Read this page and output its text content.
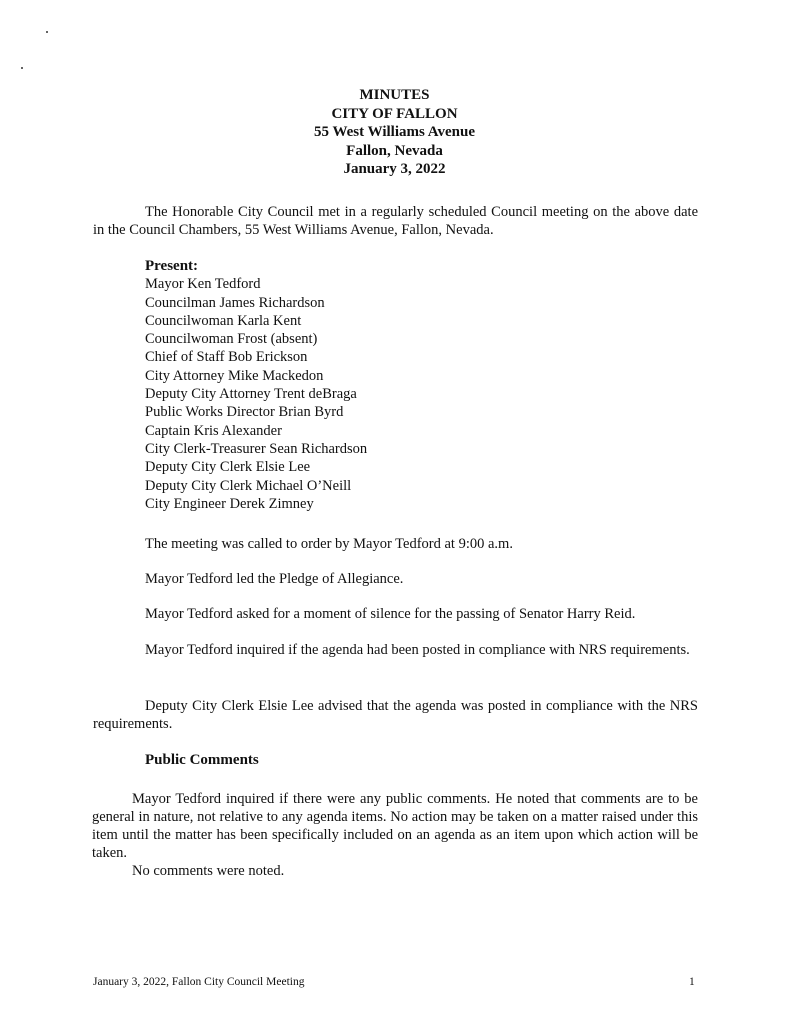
MINUTES
CITY OF FALLON
55 West Williams Avenue
Fallon, Nevada
January 3, 2022
The Honorable City Council met in a regularly scheduled Council meeting on the above date in the Council Chambers, 55 West Williams Avenue, Fallon, Nevada.
Present:
Mayor Ken Tedford
Councilman James Richardson
Councilwoman Karla Kent
Councilwoman Frost (absent)
Chief of Staff Bob Erickson
City Attorney Mike Mackedon
Deputy City Attorney Trent deBraga
Public Works Director Brian Byrd
Captain Kris Alexander
City Clerk-Treasurer Sean Richardson
Deputy City Clerk Elsie Lee
Deputy City Clerk Michael O’Neill
City Engineer Derek Zimney
The meeting was called to order by Mayor Tedford at 9:00 a.m.
Mayor Tedford led the Pledge of Allegiance.
Mayor Tedford asked for a moment of silence for the passing of Senator Harry Reid.
Mayor Tedford inquired if the agenda had been posted in compliance with NRS requirements.
Deputy City Clerk Elsie Lee advised that the agenda was posted in compliance with the NRS requirements.
Public Comments
Mayor Tedford inquired if there were any public comments. He noted that comments are to be general in nature, not relative to any agenda items. No action may be taken on a matter raised under this item until the matter has been specifically included on an agenda as an item upon which action will be taken.
No comments were noted.
January 3, 2022, Fallon City Council Meeting	1
